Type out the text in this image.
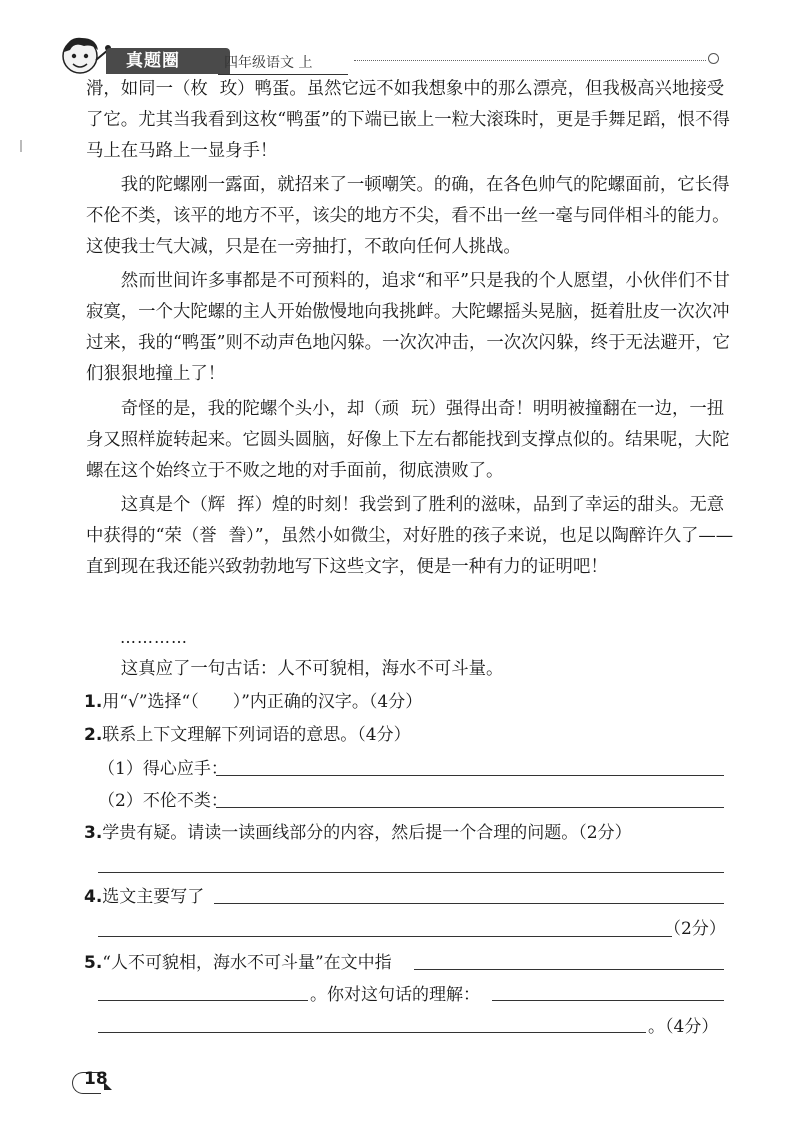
真题圈	四年级语文 上

滑，如同一（枚玫）鸭蛋。虽然它远不如我想象中的那么漂亮，但我极高兴地接受了它。尤其当我看到这枚“鸭蛋”的下端已嵌上一粒大滚珠时，更是手舞足蹈，恨不得马上在马路上一显身手！

我的陀螺刚一露面，就招来了一顿嘲笑。的确，在各色帅气的陀螺面前，它长得不伦不类，该平的地方不平，该尖的地方不尖，看不出一丝一毫与同伴相斗的能力。这使我士气大减，只是在一旁抽打，不敢向任何人挑战。

然而世间许多事都是不可预料的，追求“和平”只是我的个人愿望，小伙伴们不甘寂寞，一个大陀螺的主人开始傲慢地向我挑衅。大陀螺摇头晃脑，挺着肚皮一次次冲过来，我的“鸭蛋”则不动声色地闪躲。一次次冲击，一次次闪躲，终于无法避开，它们狠狠地撞上了！

奇怪的是，我的陀螺个头小，却（顽玩）强得出奇！明明被撞翻在一边，一扭身又照样旋转起来。它圆头圆脑，好像上下左右都能找到支撑点似的。结果呢，大陀螺在这个始终立于不败之地的对手面前，彻底溃败了。

这真是个（辉挥）煌的时刻！我尝到了胜利的滋味，品到了幸运的甜头。无意中获得的“荣（誉誊）”，虽然小如微尘，对好胜的孩子来说，也足以陶醉许久了——直到现在我还能兴致勃勃地写下这些文字，便是一种有力的证明吧！

…………

这真应了一句古话：人不可貌相，海水不可斗量。

1.用“√”选择“（　　）”内正确的汉字。（4分）
2.联系上下文理解下列词语的意思。（4分）
（1）得心应手：
（2）不伦不类：
3.学贵有疑。请读一读画线部分的内容，然后提一个合理的问题。（2分）
4.选文主要写了
（2分）
5.“人不可貌相，海水不可斗量”在文中指
。你对这句话的理解：
。（4分）
18
